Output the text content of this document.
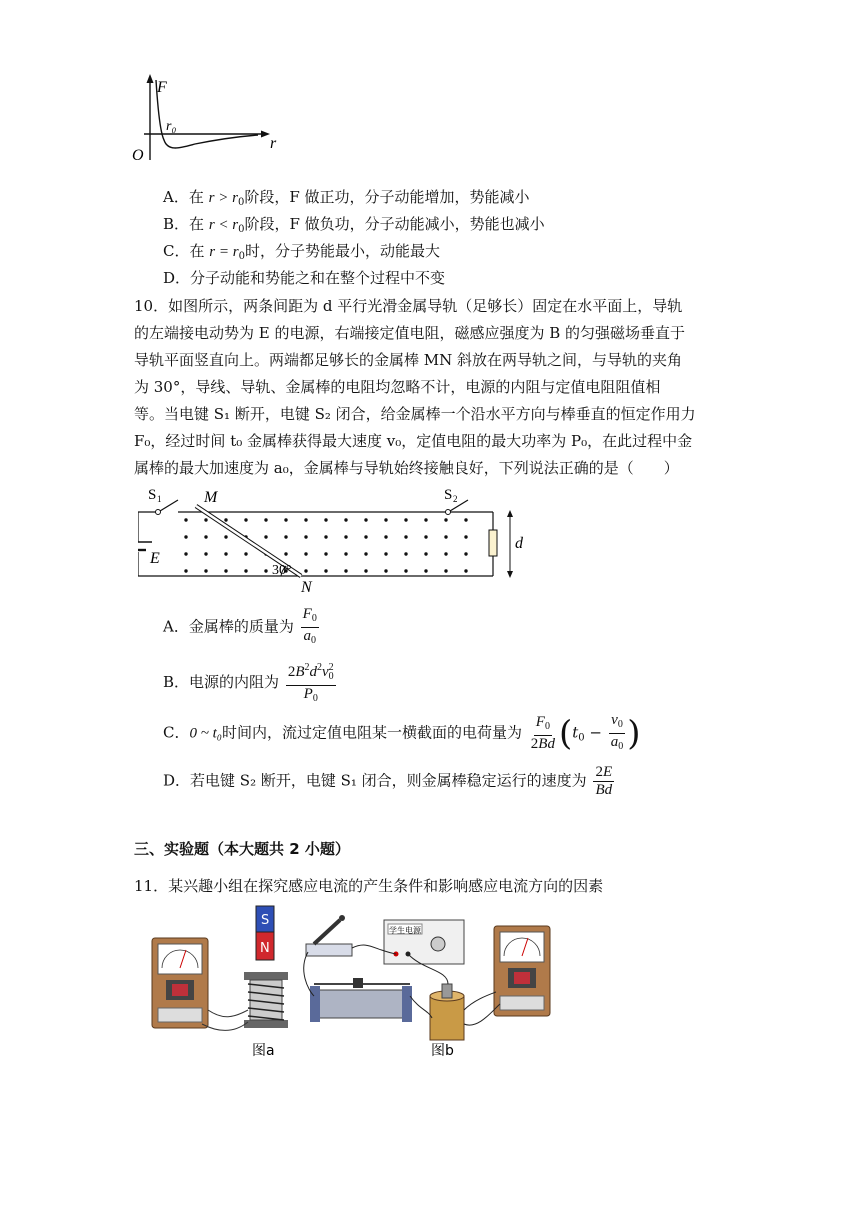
F
r
O
r₀
A．在 $r > r_0$阶段，F 做正功，分子动能增加，势能减小
B．在 $r < r_0$阶段，F 做负功，分子动能减小，势能也减小
C．在 $r = r_0$时，分子势能最小，动能最大
D．分子动能和势能之和在整个过程中不变
10．如图所示，两条间距为 d 平行光滑金属导轨（足够长）固定在水平面上，导轨
的左端接电动势为 E 的电源，右端接定值电阻，磁感应强度为 B 的匀强磁场垂直于
导轨平面竖直向上。两端都足够长的金属棒 MN 斜放在两导轨之间，与导轨的夹角
为 30°，导线、导轨、金属棒的电阻均忽略不计，电源的内阻与定值电阻阻值相
等。当电键 S₁ 断开，电键 S₂ 闭合，给金属棒一个沿水平方向与棒垂直的恒定作用力
F₀，经过时间 t₀ 金属棒获得最大速度 v₀，定值电阻的最大功率为 P₀，在此过程中金
属棒的最大加速度为 a₀，金属棒与导轨始终接触良好，下列说法正确的是（　　）
S 1	S 2
E
M
N
30°
d
A．金属棒的质量为 $\frac{F_0}{a_0}$
B．电源的内阻为 $\frac{2B^2d^2v^2_0}{P_0}$
C．0 ~ t₀时间内，流过定值电阻某一横截面的电荷量为 $\frac{F_0}{2Bd} (t_0 - \frac{v_0}{a_0}$ )
D．若电键 S₂ 断开，电键 S₁ 闭合，则金属棒稳定运行的速度为 $\frac{2E}{Bd}$
三、实验题（本大题共 2 小题）
11．某兴趣小组在探究感应电流的产生条件和影响感应电流方向的因素
S
N
图a
学生电源
图b
